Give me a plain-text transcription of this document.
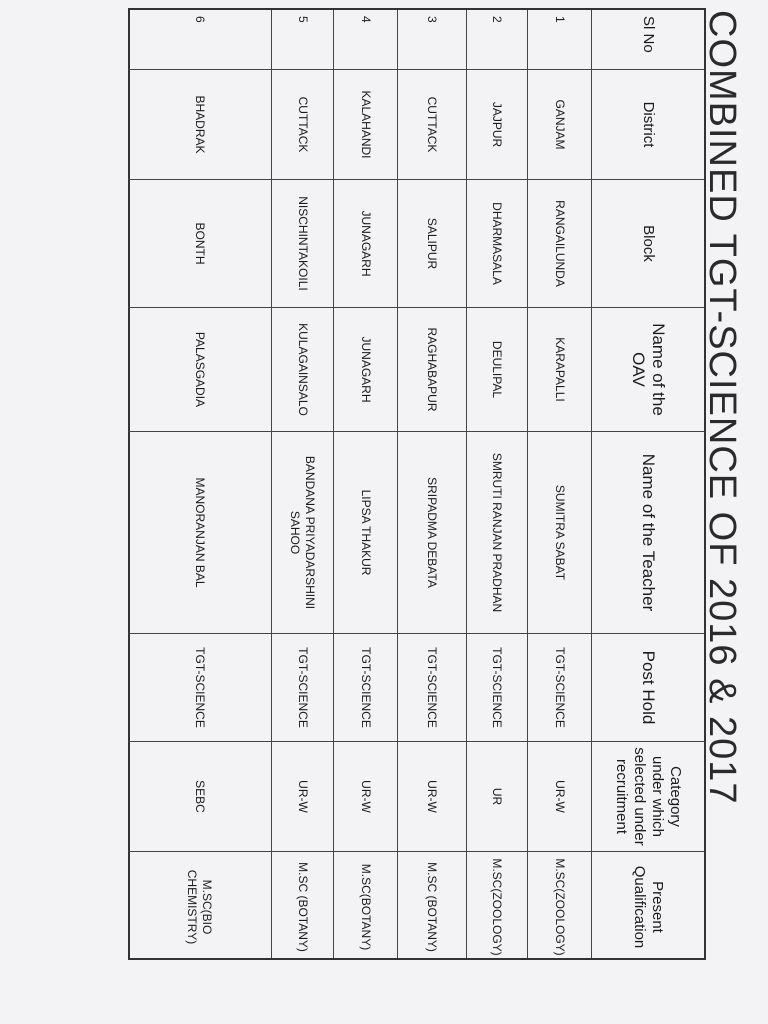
COMBINED TGT-SCIENCE OF 2016 & 2017
Sl No
District
Block
Name of the OAV
Name of the Teacher
Post Hold
Category under which selected under recruitment
Present Qualification
1
GANJAM
RANGAILUNDA
KARAPALLI
SUMITRA SABAT
TGT-SCIENCE
UR-W
M.SC(ZOOLOGY)
2
JAJPUR
DHARMASALA
DEULIPAL
SMRUTI RANJAN PRADHAN
TGT-SCIENCE
UR
M.SC(ZOOLOGY)
3
CUTTACK
SALIPUR
RAGHABAPUR
SRIPADMA DEBATA
TGT-SCIENCE
UR-W
M.SC (BOTANY)
4
KALAHANDI
JUNAGARH
JUNAGARH
LIPSA THAKUR
TGT-SCIENCE
UR-W
M.SC(BOTANY)
5
CUTTACK
NISCHINTAKOILI
KULAGAINSALO
BANDANA PRIYADARSHINI SAHOO
TGT-SCIENCE
UR-W
M.SC (BOTANY)
6
BHADRAK
BONTH
PALASGADIA
MANORANJAN BAL
TGT-SCIENCE
SEBC
M.SC(BIO CHEMISTRY)
